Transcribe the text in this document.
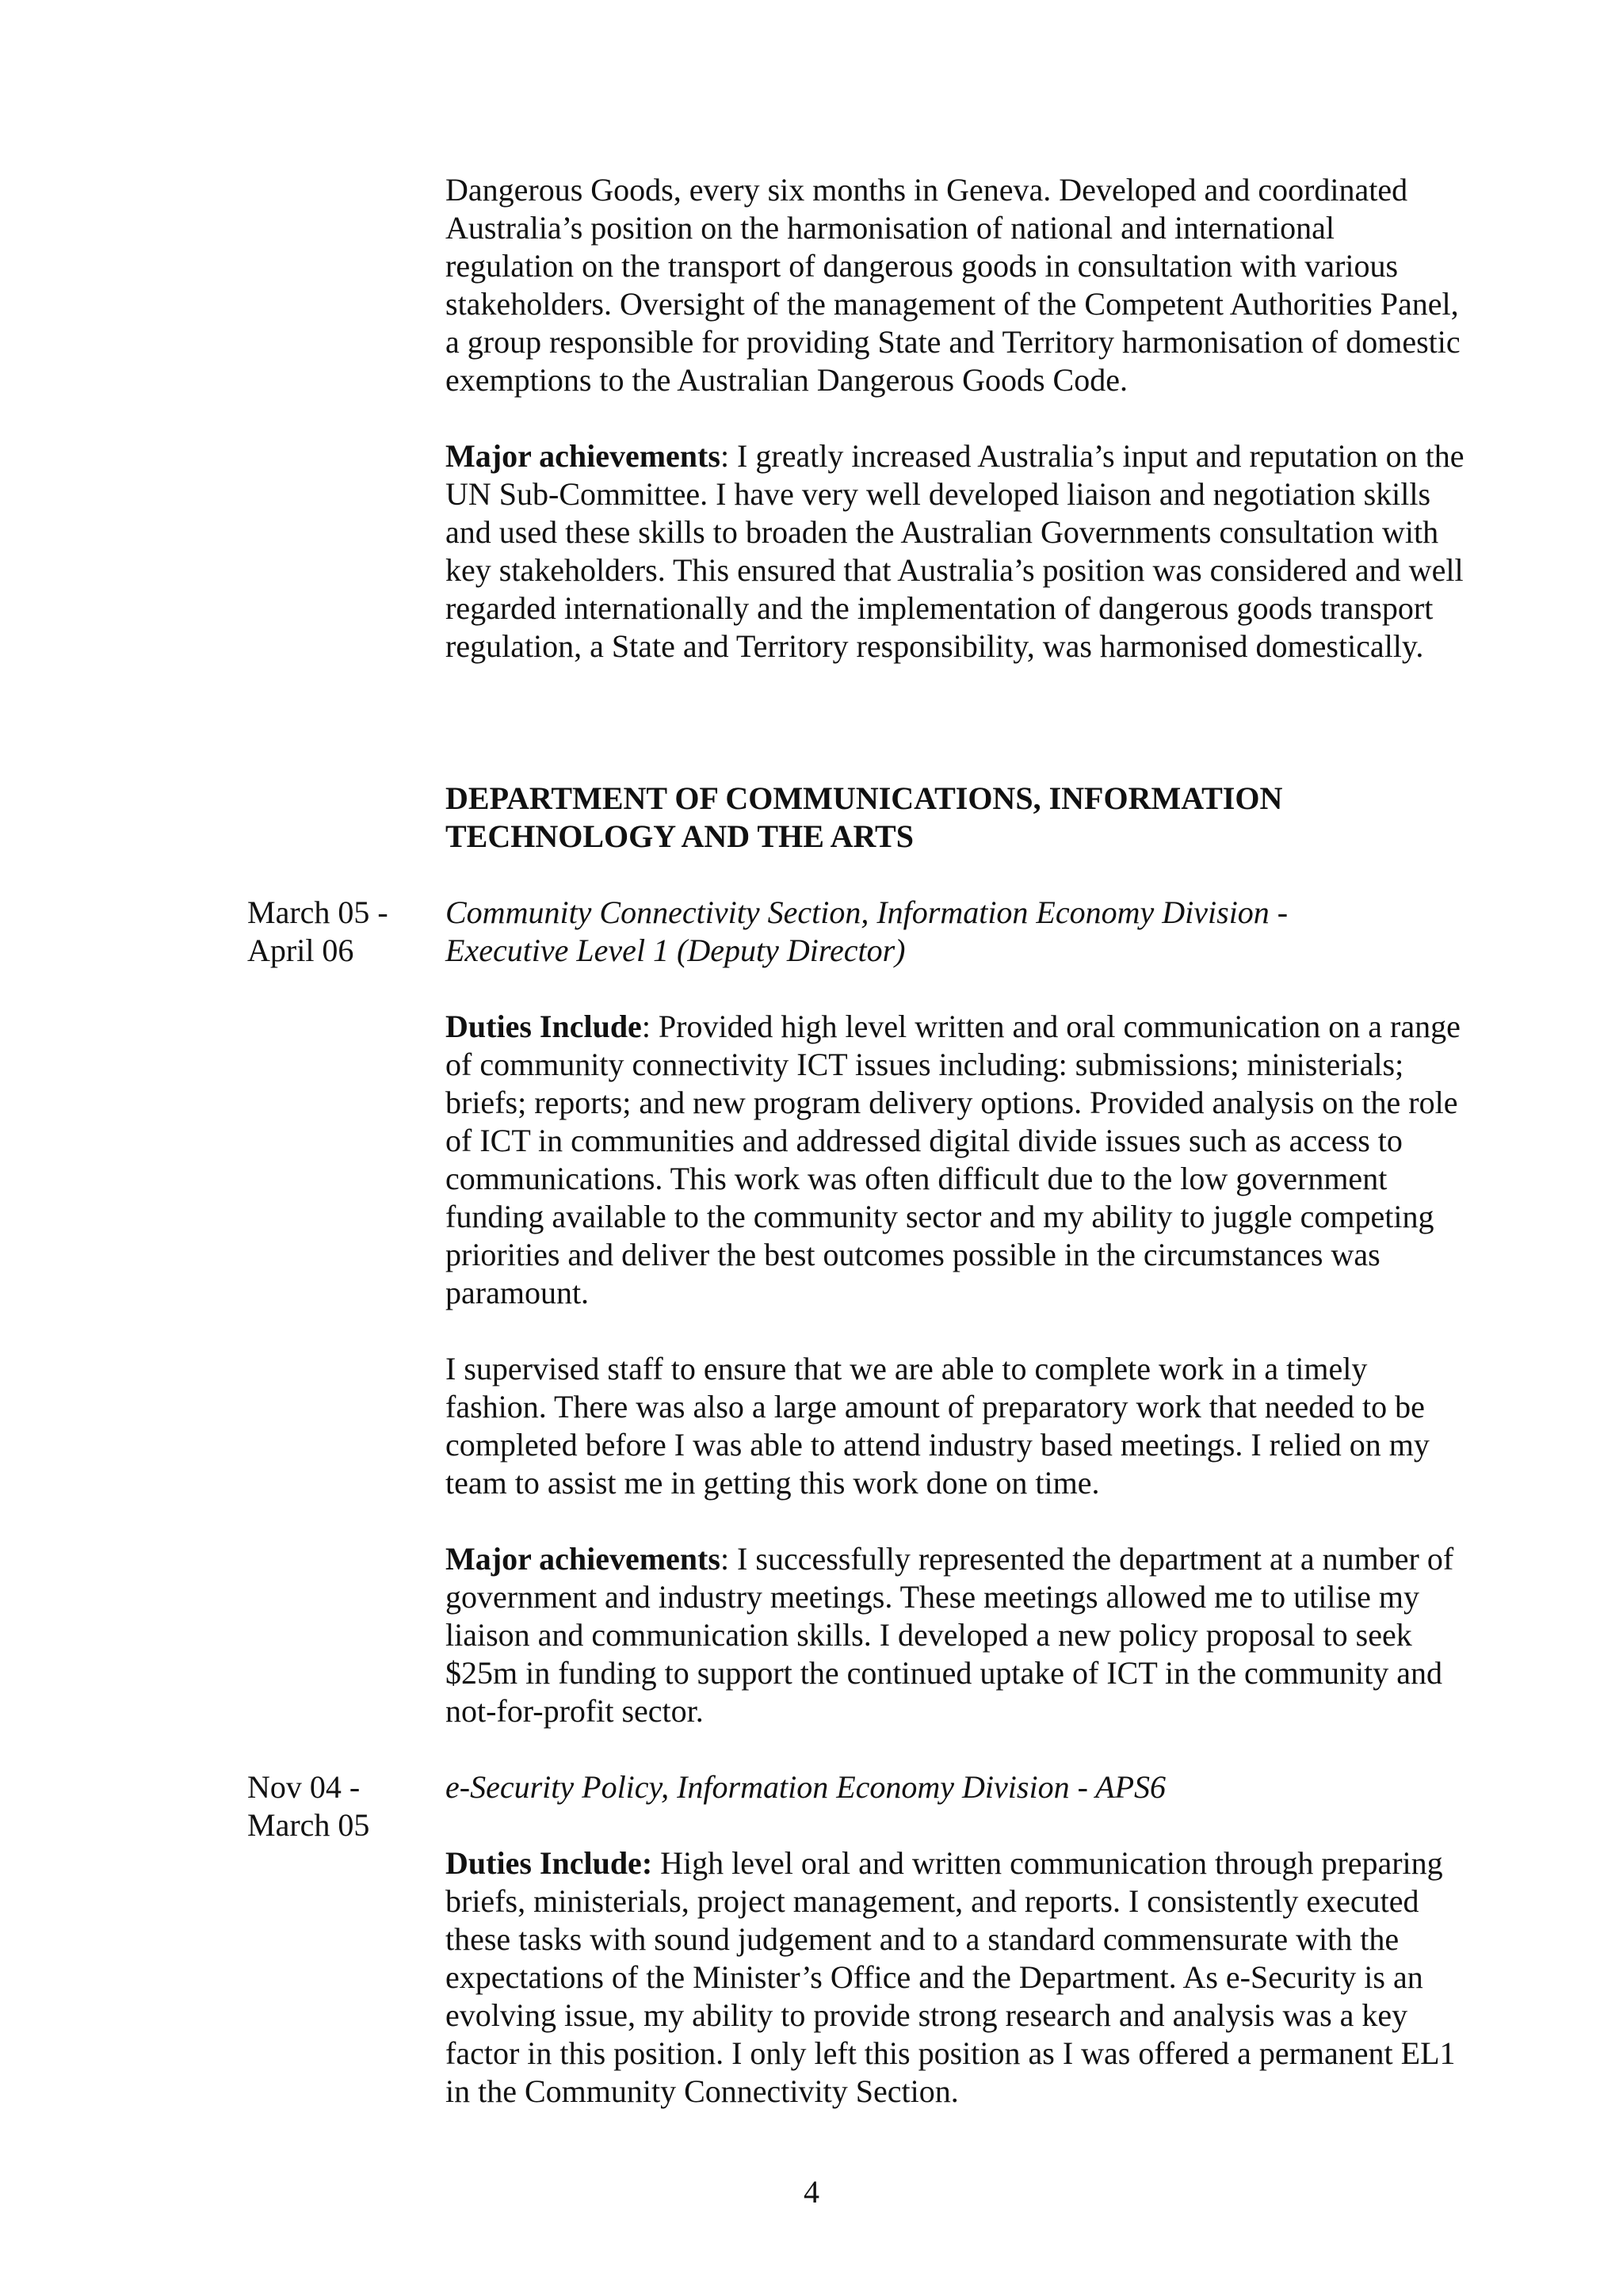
Dangerous Goods, every six months in Geneva. Developed and coordinated Australia’s position on the harmonisation of national and international regulation on the transport of dangerous goods in consultation with various stakeholders. Oversight of the management of the Competent Authorities Panel, a group responsible for providing State and Territory harmonisation of domestic exemptions to the Australian Dangerous Goods Code.

Major achievements: I greatly increased Australia’s input and reputation on the UN Sub-Committee. I have very well developed liaison and negotiation skills and used these skills to broaden the Australian Governments consultation with key stakeholders. This ensured that Australia’s position was considered and well regarded internationally and the implementation of dangerous goods transport regulation, a State and Territory responsibility, was harmonised domestically.

DEPARTMENT OF COMMUNICATIONS, INFORMATION
TECHNOLOGY AND THE ARTS
March 05 -
April 06
Community Connectivity Section, Information Economy Division -
Executive Level 1 (Deputy Director)

Duties Include: Provided high level written and oral communication on a range of community connectivity ICT issues including: submissions; ministerials; briefs; reports; and new program delivery options. Provided analysis on the role of ICT in communities and addressed digital divide issues such as access to communications. This work was often difficult due to the low government funding available to the community sector and my ability to juggle competing priorities and deliver the best outcomes possible in the circumstances was paramount.

I supervised staff to ensure that we are able to complete work in a timely fashion. There was also a large amount of preparatory work that needed to be completed before I was able to attend industry based meetings. I relied on my team to assist me in getting this work done on time.

Major achievements: I successfully represented the department at a number of government and industry meetings. These meetings allowed me to utilise my liaison and communication skills. I developed a new policy proposal to seek $25m in funding to support the continued uptake of ICT in the community and not-for-profit sector.

Nov 04 -
March 05
e-Security Policy, Information Economy Division - APS6

Duties Include: High level oral and written communication through preparing briefs, ministerials, project management, and reports. I consistently executed these tasks with sound judgement and to a standard commensurate with the expectations of the Minister’s Office and the Department. As e-Security is an evolving issue, my ability to provide strong research and analysis was a key factor in this position. I only left this position as I was offered a permanent EL1 in the Community Connectivity Section.

4
